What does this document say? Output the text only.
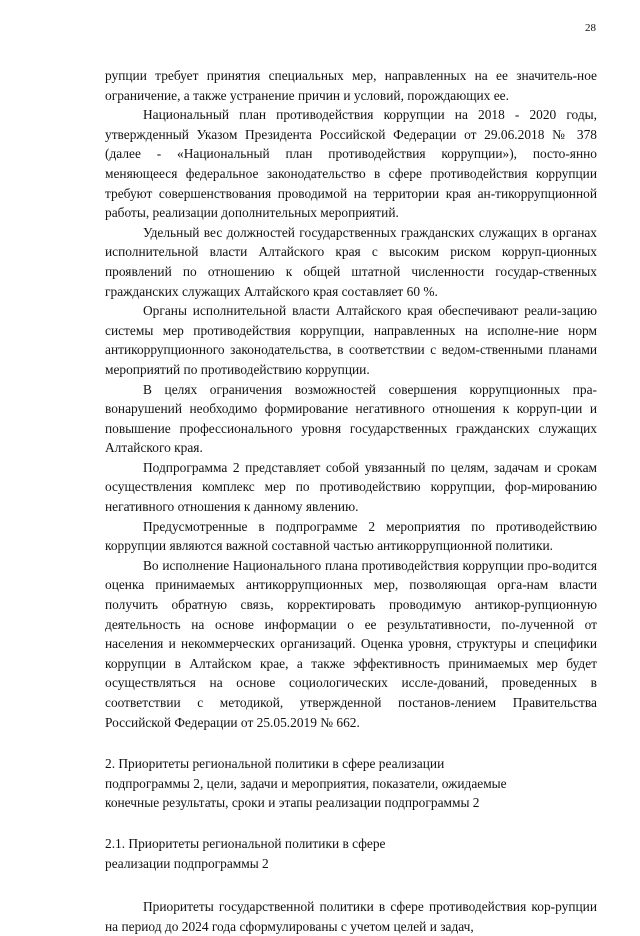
28

рупции требует принятия специальных мер, направленных на ее значитель-ное ограничение, а также устранение причин и условий, порождающих ее.

Национальный план противодействия коррупции на 2018 - 2020 годы, утвержденный Указом Президента Российской Федерации от 29.06.2018 № 378 (далее - «Национальный план противодействия коррупции»), посто-янно меняющееся федеральное законодательство в сфере противодействия коррупции требуют совершенствования проводимой на территории края ан-тикоррупционной работы, реализации дополнительных мероприятий.

Удельный вес должностей государственных гражданских служащих в органах исполнительной власти Алтайского края с высоким риском корруп-ционных проявлений по отношению к общей штатной численности государ-ственных гражданских служащих Алтайского края составляет 60 %.

Органы исполнительной власти Алтайского края обеспечивают реали-зацию системы мер противодействия коррупции, направленных на исполне-ние норм антикоррупционного законодательства, в соответствии с ведом-ственными планами мероприятий по противодействию коррупции.

В целях ограничения возможностей совершения коррупционных пра-вонарушений необходимо формирование негативного отношения к корруп-ции и повышение профессионального уровня государственных гражданских служащих Алтайского края.

Подпрограмма 2 представляет собой увязанный по целям, задачам и срокам осуществления комплекс мер по противодействию коррупции, фор-мированию негативного отношения к данному явлению.

Предусмотренные в подпрограмме 2 мероприятия по противодействию коррупции являются важной составной частью антикоррупционной политики.

Во исполнение Национального плана противодействия коррупции про-водится оценка принимаемых антикоррупционных мер, позволяющая орга-нам власти получить обратную связь, корректировать проводимую антикор-рупционную деятельность на основе информации о ее результативности, по-лученной от населения и некоммерческих организаций. Оценка уровня, структуры и специфики коррупции в Алтайском крае, а также эффективность принимаемых мер будет осуществляться на основе социологических иссле-дований, проведенных в соответствии с методикой, утвержденной постанов-лением Правительства Российской Федерации от 25.05.2019 № 662.

2. Приоритеты региональной политики в сфере реализации
подпрограммы 2, цели, задачи и мероприятия, показатели, ожидаемые
конечные результаты, сроки и этапы реализации подпрограммы 2

2.1. Приоритеты региональной политики в сфере
реализации подпрограммы 2

Приоритеты государственной политики в сфере противодействия кор-рупции на период до 2024 года сформулированы с учетом целей и задач,
